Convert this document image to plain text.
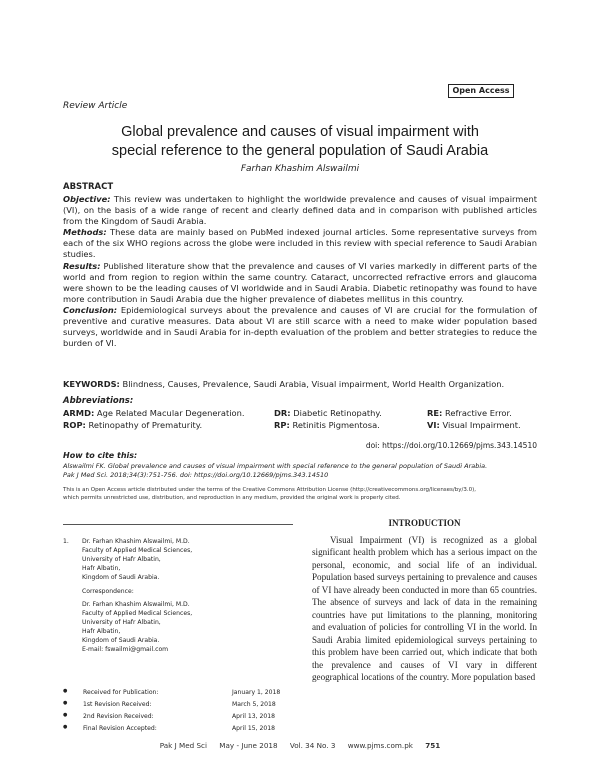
Open Access
Review Article
Global prevalence and causes of visual impairment with
special reference to the general population of Saudi Arabia
Farhan Khashim Alswailmi
ABSTRACT

Objective: This review was undertaken to highlight the worldwide prevalence and causes of visual impairment (VI), on the basis of a wide range of recent and clearly defined data and in comparison with published articles from the Kingdom of Saudi Arabia.

Methods: These data are mainly based on PubMed indexed journal articles. Some representative surveys from each of the six WHO regions across the globe were included in this review with special reference to Saudi Arabian studies.

Results: Published literature show that the prevalence and causes of VI varies markedly in different parts of the world and from region to region within the same country. Cataract, uncorrected refractive errors and glaucoma were shown to be the leading causes of VI worldwide and in Saudi Arabia. Diabetic retinopathy was found to have more contribution in Saudi Arabia due the higher prevalence of diabetes mellitus in this country.

Conclusion: Epidemiological surveys about the prevalence and causes of VI are crucial for the formulation of preventive and curative measures. Data about VI are still scarce with a need to make wider population based surveys, worldwide and in Saudi Arabia for in-depth evaluation of the problem and better strategies to reduce the burden of VI.

KEYWORDS: Blindness, Causes, Prevalence, Saudi Arabia, Visual impairment, World Health Organization.
Abbreviations:
ARMD: Age Related Macular Degeneration.	DR: Diabetic Retinopathy.	RE: Refractive Error.
ROP: Retinopathy of Prematurity.	RP: Retinitis Pigmentosa.	VI: Visual Impairment.
doi: https://doi.org/10.12669/pjms.343.14510
How to cite this:
Alswailmi FK. Global prevalence and causes of visual impairment with special reference to the general population of Saudi Arabia.
Pak J Med Sci. 2018;34(3):751-756. doi: https://doi.org/10.12669/pjms.343.14510
This is an Open Access article distributed under the terms of the Creative Commons Attribution License (http://creativecommons.org/licenses/by/3.0),
which permits unrestricted use, distribution, and reproduction in any medium, provided the original work is properly cited.
1. Dr. Farhan Khashim Alswailmi, M.D.
Faculty of Applied Medical Sciences,
University of Hafr Albatin,
Hafr Albatin,
Kingdom of Saudi Arabia.
Correspondence:
Dr. Farhan Khashim Alswailmi, M.D.
Faculty of Applied Medical Sciences,
University of Hafr Albatin,
Hafr Albatin,
Kingdom of Saudi Arabia.
E-mail: fswailmi@gmail.com
●	Received for Publication:	January 1, 2018
●	1st Revision Received:	March 5, 2018
●	2nd Revision Received:	April 13, 2018
●	Final Revision Accepted:	April 15, 2018
INTRODUCTION

Visual Impairment (VI) is recognized as a global significant health problem which has a serious impact on the personal, economic, and social life of an individual. Population based surveys pertaining to prevalence and causes of VI have already been conducted in more than 65 countries. The absence of surveys and lack of data in the remaining countries have put limitations to the planning, monitoring and evaluation of policies for controlling VI in the world. In Saudi Arabia limited epidemiological surveys pertaining to this problem have been carried out, which indicate that both the prevalence and causes of VI vary in different geographical locations of the country. More population based

Pak J Med Sci May - June 2018 Vol. 34 No. 3 www.pjms.com.pk 751
